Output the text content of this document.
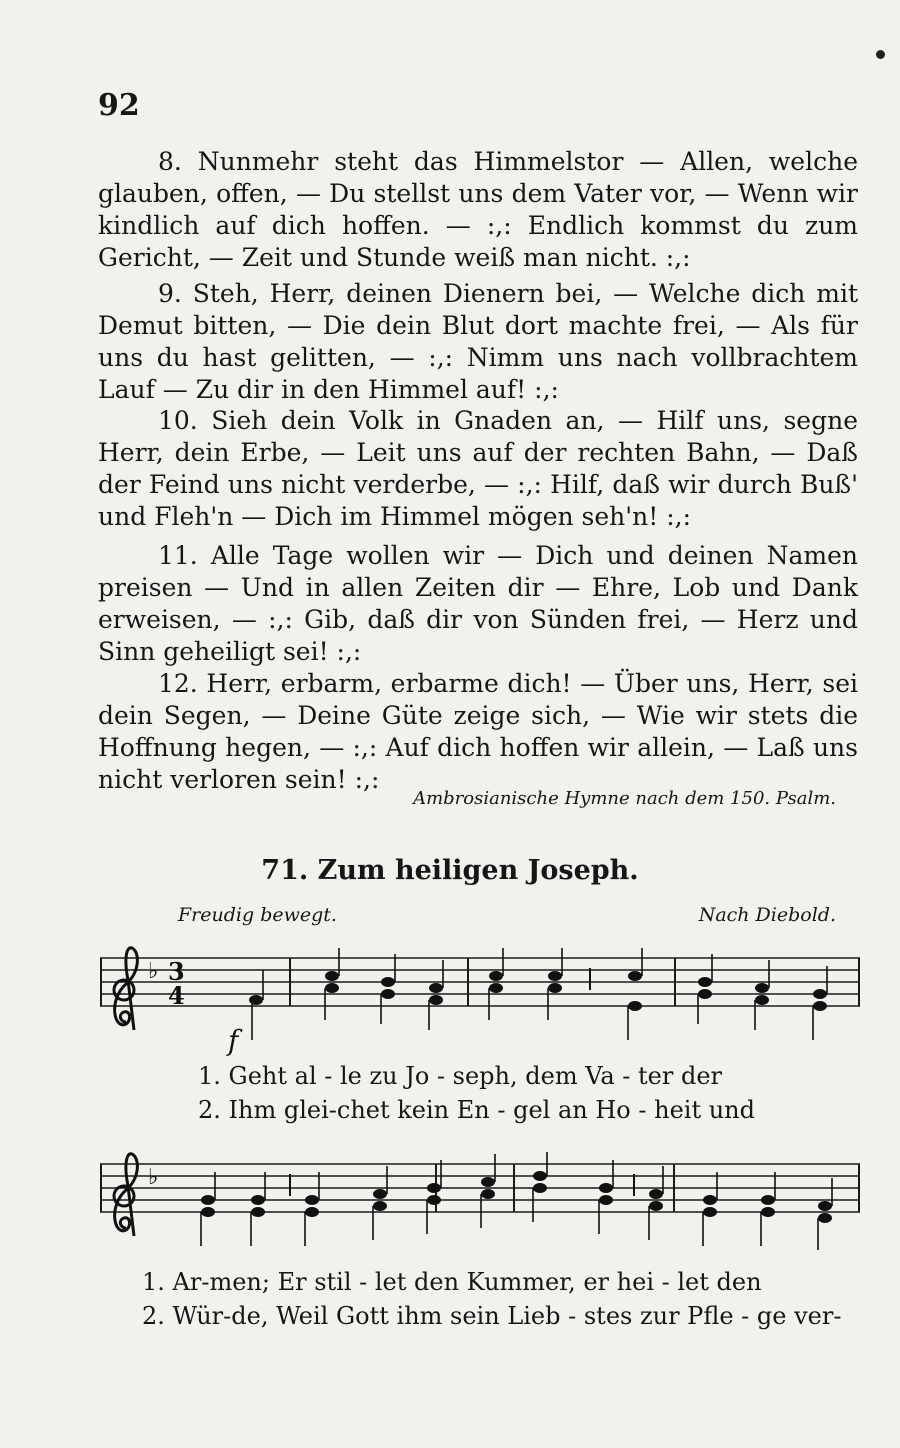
92

8. Nunmehr steht das Himmelstor — Allen, welche glauben, offen, — Du stellst uns dem Vater vor, — Wenn wir kindlich auf dich hoffen. — :,: Endlich kommst du zum Gericht, — Zeit und Stunde weiß man nicht. :,:

9. Steh, Herr, deinen Dienern bei, — Welche dich mit Demut bitten, — Die dein Blut dort machte frei, — Als für uns du hast gelitten, — :,: Nimm uns nach vollbrachtem Lauf — Zu dir in den Himmel auf! :,:

10. Sieh dein Volk in Gnaden an, — Hilf uns, segne Herr, dein Erbe, — Leit uns auf der rechten Bahn, — Daß der Feind uns nicht verderbe, — :,: Hilf, daß wir durch Buß' und Fleh'n — Dich im Himmel mögen seh'n! :,:

11. Alle Tage wollen wir — Dich und deinen Namen preisen — Und in allen Zeiten dir — Ehre, Lob und Dank erweisen, — :,: Gib, daß dir von Sünden frei, — Herz und Sinn geheiligt sei! :,:

12. Herr, erbarm, erbarme dich! — Über uns, Herr, sei dein Segen, — Deine Güte zeige sich, — Wie wir stets die Hoffnung hegen, — :,: Auf dich hoffen wir allein, — Laß uns nicht verloren sein! :,:

Ambrosianische Hymne nach dem 150. Psalm.
71. Zum heiligen Joseph.
Freudig bewegt.	Nach Diebold.
♭ 3
4
f
1. Geht al - le zu Jo - seph, dem Va - ter der
2. Ihm glei-chet kein En - gel an Ho - heit und
♭
1. Ar-men; Er stil - let den Kummer, er hei - let den
2. Wür-de, Weil Gott ihm sein Lieb - stes zur Pfle - ge ver-
